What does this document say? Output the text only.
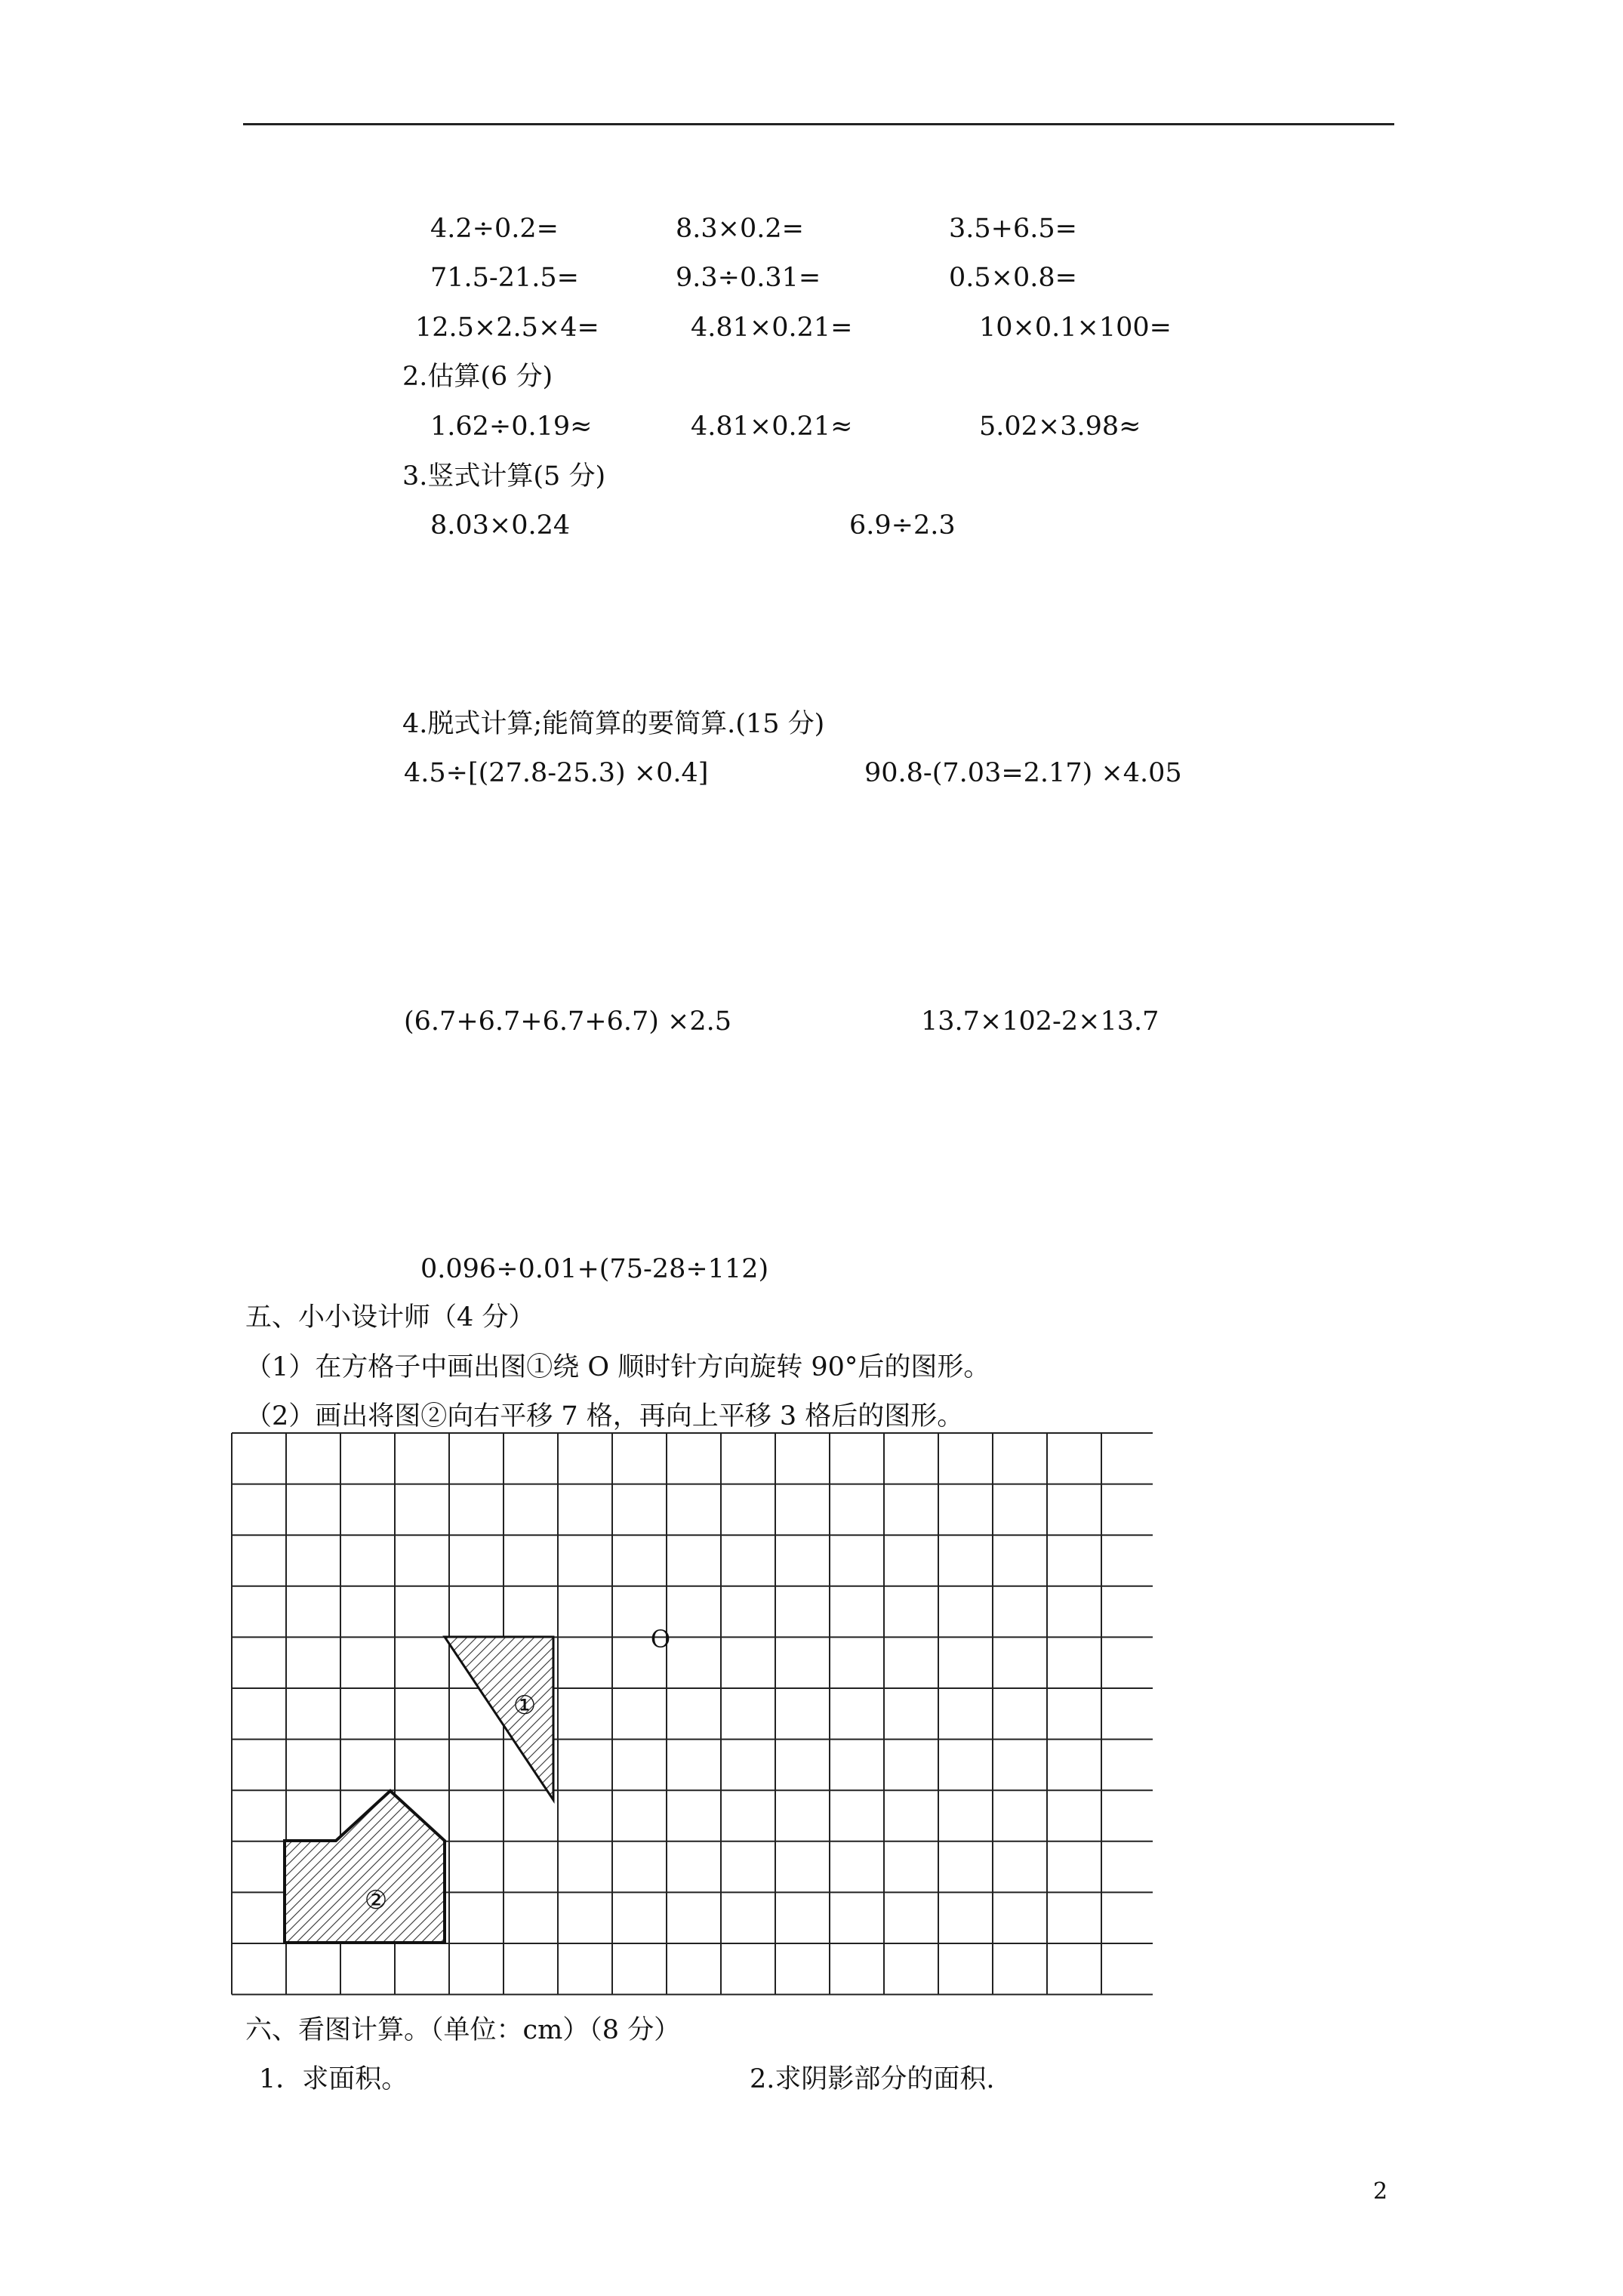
4.2÷0.2=	8.3×0.2=	3.5+6.5=
71.5-21.5=	9.3÷0.31=	0.5×0.8=
12.5×2.5×4=	4.81×0.21=	10×0.1×100=
2.估算(6 分)
1.62÷0.19≈	4.81×0.21≈	5.02×3.98≈
3.竖式计算(5 分)
8.03×0.24	6.9÷2.3
4.脱式计算;能简算的要简算.(15 分)
4.5÷[(27.8-25.3) ×0.4]	90.8-(7.03=2.17) ×4.05
(6.7+6.7+6.7+6.7) ×2.5	13.7×102-2×13.7
0.096÷0.01+(75-28÷112)
五、小小设计师（4 分）
（1）在方格子中画出图①绕 O 顺时针方向旋转 90°后的图形。
（2）画出将图②向右平移 7 格，再向上平移 3 格后的图形。
O
①
②
六、看图计算。（单位：cm）（8 分）
1．求面积。	2.求阴影部分的面积.
2
